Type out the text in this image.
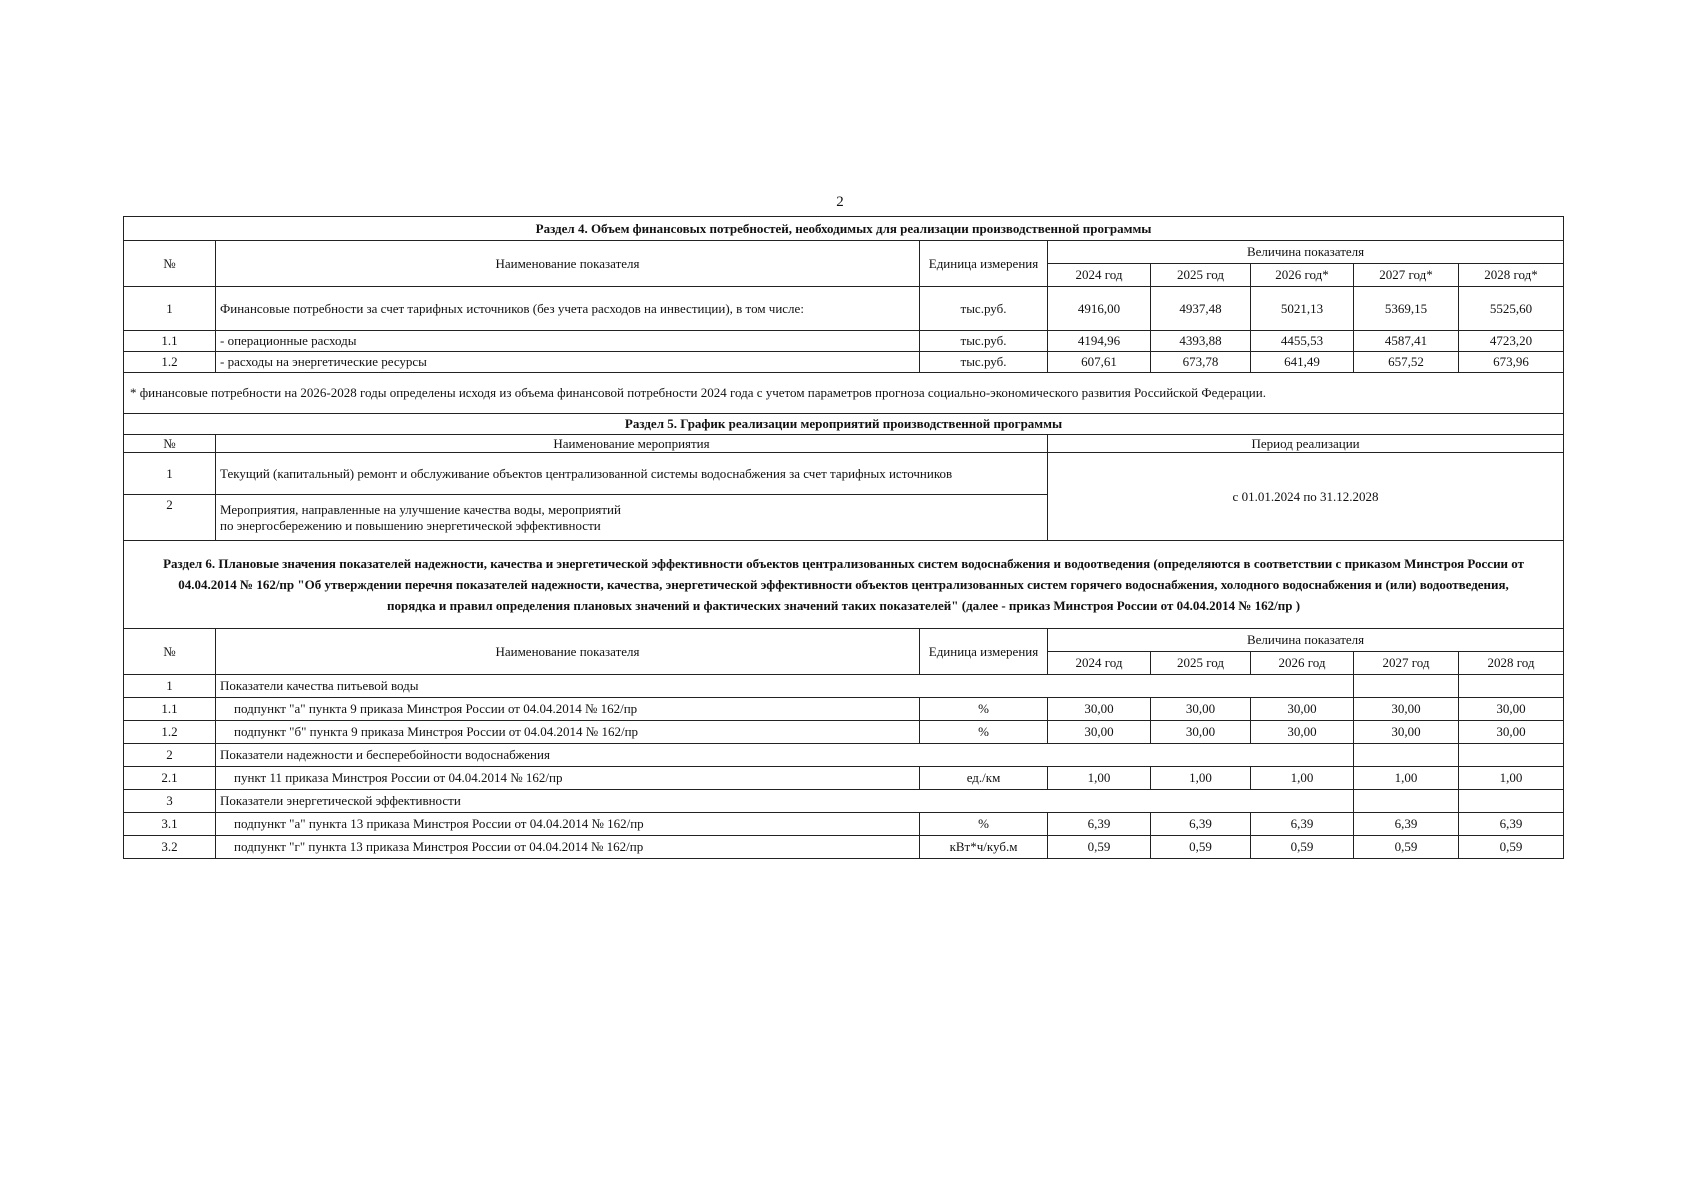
2
Раздел 4. Объем финансовых потребностей, необходимых для реализации производственной программы							
№	Наименование показателя	Единица измерения	Величина показателя				
			2024 год	2025 год	2026 год*	2027 год*	2028 год*
1	Финансовые потребности за счет тарифных источников (без учета расходов на инвестиции), в том числе:	тыс.руб.	4916,00	4937,48	5021,13	5369,15	5525,60
1.1	- операционные расходы	тыс.руб.	4194,96	4393,88	4455,53	4587,41	4723,20
1.2	- расходы на энергетические ресурсы	тыс.руб.	607,61	673,78	641,49	657,52	673,96
* финансовые потребности на 2026-2028 годы определены исходя из объема финансовой потребности 2024 года с учетом параметров прогноза социально-экономического развития Российской Федерации.							
Раздел 5. График реализации мероприятий производственной программы							
№	Наименование мероприятия		Период реализации				
1	Текущий (капитальный) ремонт и обслуживание объектов централизованной системы водоснабжения за счет тарифных источников		с 01.01.2024 по 31.12.2028				
2	Мероприятия, направленные на улучшение качества воды, мероприятий
по энергосбережению и повышению энергетической эффективности						

Раздел 6. Плановые значения показателей надежности, качества и энергетической эффективности объектов централизованных систем водоснабжения и водоотведения (определяются в соответствии с приказом Минстроя России от 04.04.2014 № 162/пр "Об утверждении перечня показателей надежности, качества, энергетической эффективности объектов централизованных систем горячего водоснабжения, холодного водоснабжения и (или) водоотведения, порядка и правил определения плановых значений и фактических значений таких показателей" (далее - приказ Минстроя России от 04.04.2014 № 162/пр )							
№	Наименование показателя	Единица измерения	Величина показателя				
			2024 год	2025 год	2026 год	2027 год	2028 год
1	Показатели качества питьевой воды						
1.1	подпункт "а" пункта 9 приказа Минстроя России от 04.04.2014 № 162/пр	%	30,00	30,00	30,00	30,00	30,00
1.2	подпункт "б" пункта 9 приказа Минстроя России от 04.04.2014 № 162/пр	%	30,00	30,00	30,00	30,00	30,00
2	Показатели надежности и бесперебойности водоснабжения						
2.1	пункт 11 приказа Минстроя России от 04.04.2014 № 162/пр	ед./км	1,00	1,00	1,00	1,00	1,00
3	Показатели энергетической эффективности						
3.1	подпункт "а" пункта 13 приказа Минстроя России от 04.04.2014 № 162/пр	%	6,39	6,39	6,39	6,39	6,39
3.2	подпункт "г" пункта 13 приказа Минстроя России от 04.04.2014 № 162/пр	кВт*ч/куб.м	0,59	0,59	0,59	0,59	0,59
